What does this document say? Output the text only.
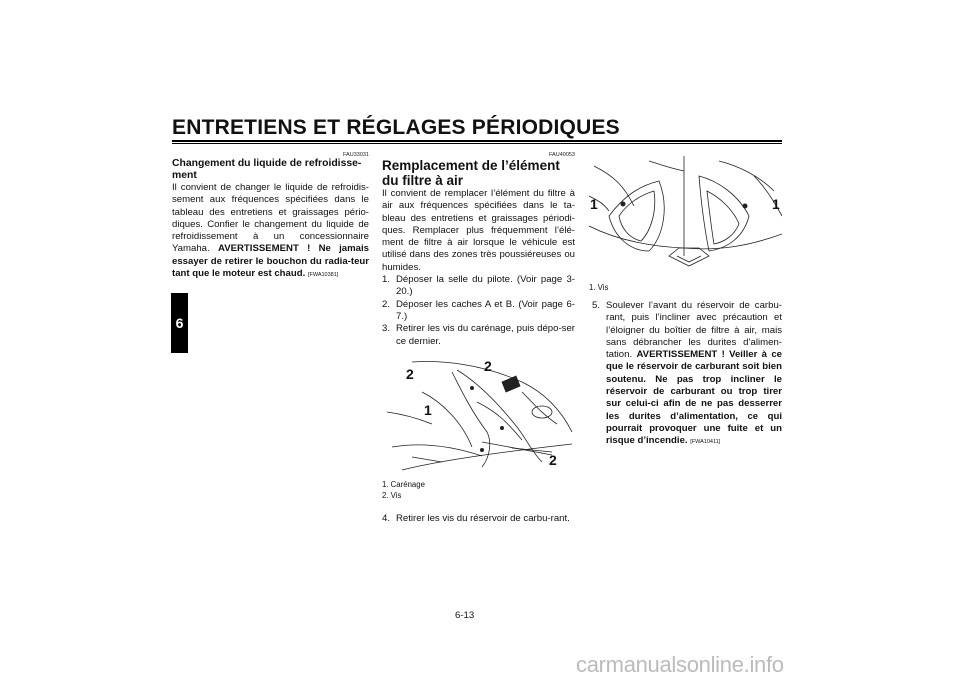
ENTRETIENS ET RÉGLAGES PÉRIODIQUES
6
FAU33031
Changement du liquide de refroidisse-ment
Il convient de changer le liquide de refroidis-sement aux fréquences spécifiées dans le tableau des entretiens et graissages pério-diques. Confier le changement du liquide de refroidissement à un concessionnaire Yamaha. AVERTISSEMENT ! Ne jamais essayer de retirer le bouchon du radia-teur tant que le moteur est chaud. [FWA10381]
FAU40053
Remplacement de l’élément du filtre à air
Il convient de remplacer l’élément du filtre à air aux fréquences spécifiées dans le ta-bleau des entretiens et graissages périodi-ques. Remplacer plus fréquemment l’élé-ment de filtre à air lorsque le véhicule est utilisé dans des zones très poussiéreuses ou humides.
1. Déposer la selle du pilote. (Voir page 3-20.)
2. Déposer les caches A et B. (Voir page 6-7.)
3. Retirer les vis du carénage, puis dépo-ser ce dernier.
2	2
1
2
1. Carénage
2. Vis
4. Retirer les vis du réservoir de carbu-rant.
1	1
1. Vis
5. Soulever l’avant du réservoir de carbu-rant, puis l’incliner avec précaution et l’éloigner du boîtier de filtre à air, mais sans débrancher les durites d’alimen-tation. AVERTISSEMENT ! Veiller à ce que le réservoir de carburant soit bien soutenu. Ne pas trop incliner le réservoir de carburant ou trop tirer sur celui-ci afin de ne pas desserrer les durites d’alimentation, ce qui pourrait provoquer une fuite et un risque d’incendie. [FWA10411]
6-13
carmanualsonline.info
